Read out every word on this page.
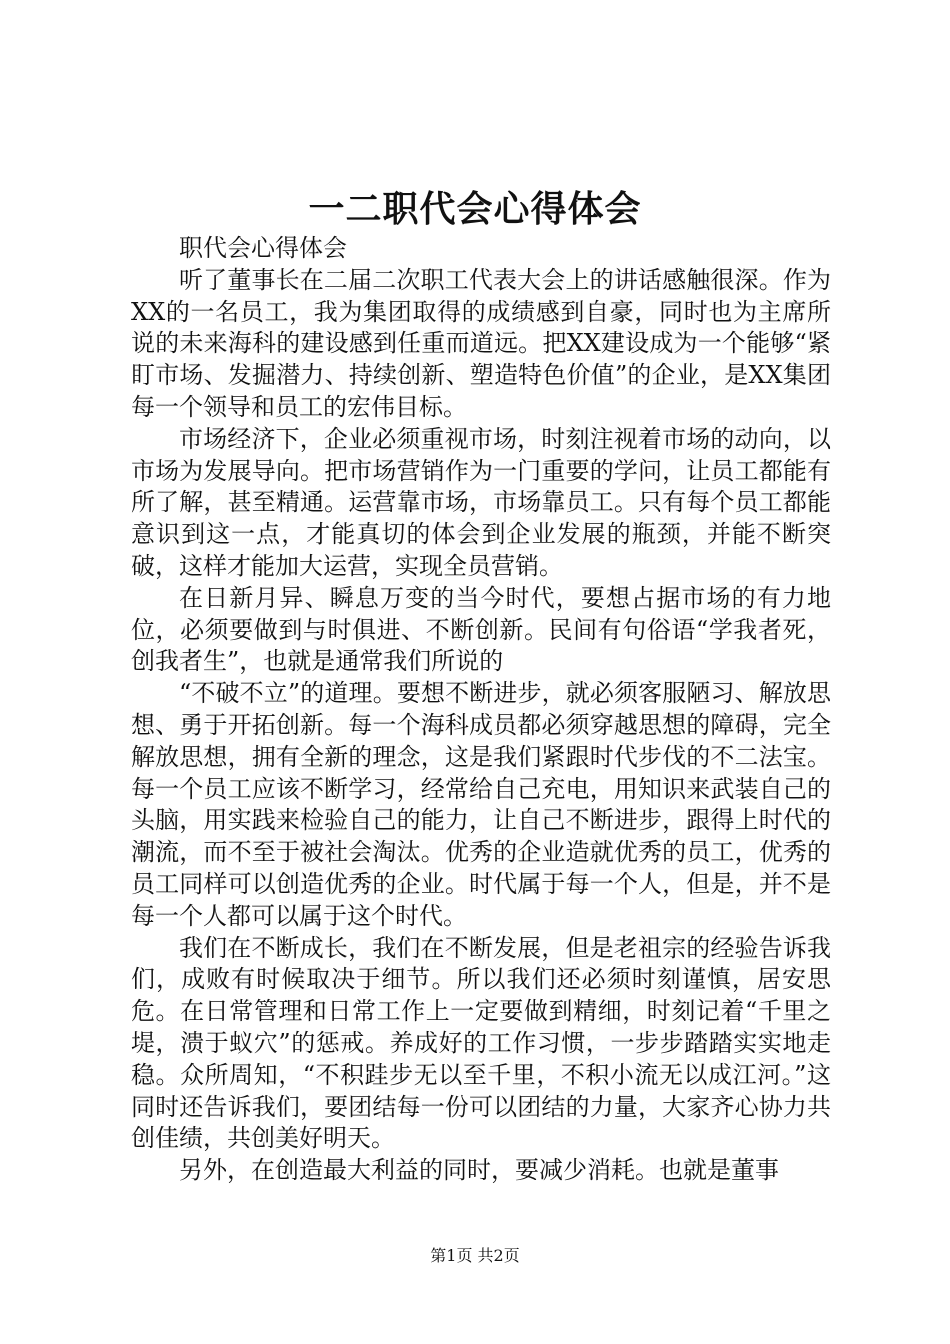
一二职代会心得体会

职代会心得体会

听了董事长在二届二次职工代表大会上的讲话感触很深。作为XX的一名员工，我为集团取得的成绩感到自豪，同时也为主席所说的未来海科的建设感到任重而道远。把XX建设成为一个能够“紧盯市场、发掘潜力、持续创新、塑造特色价值”的企业，是XX集团每一个领导和员工的宏伟目标。

市场经济下，企业必须重视市场，时刻注视着市场的动向，以市场为发展导向。把市场营销作为一门重要的学问，让员工都能有所了解，甚至精通。运营靠市场，市场靠员工。只有每个员工都能意识到这一点，才能真切的体会到企业发展的瓶颈，并能不断突破，这样才能加大运营，实现全员营销。

在日新月异、瞬息万变的当今时代，要想占据市场的有力地位，必须要做到与时俱进、不断创新。民间有句俗语“学我者死，创我者生”，也就是通常我们所说的

“不破不立”的道理。要想不断进步，就必须客服陋习、解放思想、勇于开拓创新。每一个海科成员都必须穿越思想的障碍，完全解放思想，拥有全新的理念，这是我们紧跟时代步伐的不二法宝。每一个员工应该不断学习，经常给自己充电，用知识来武装自己的头脑，用实践来检验自己的能力，让自己不断进步，跟得上时代的潮流，而不至于被社会淘汰。优秀的企业造就优秀的员工，优秀的员工同样可以创造优秀的企业。时代属于每一个人，但是，并不是每一个人都可以属于这个时代。

我们在不断成长，我们在不断发展，但是老祖宗的经验告诉我们，成败有时候取决于细节。所以我们还必须时刻谨慎，居安思危。在日常管理和日常工作上一定要做到精细，时刻记着“千里之堤，溃于蚁穴”的惩戒。养成好的工作习惯，一步步踏踏实实地走稳。众所周知，“不积跬步无以至千里，不积小流无以成江河。”这同时还告诉我们，要团结每一份可以团结的力量，大家齐心协力共创佳绩，共创美好明天。

另外，在创造最大利益的同时，要减少消耗。也就是董事

第1页 共2页
